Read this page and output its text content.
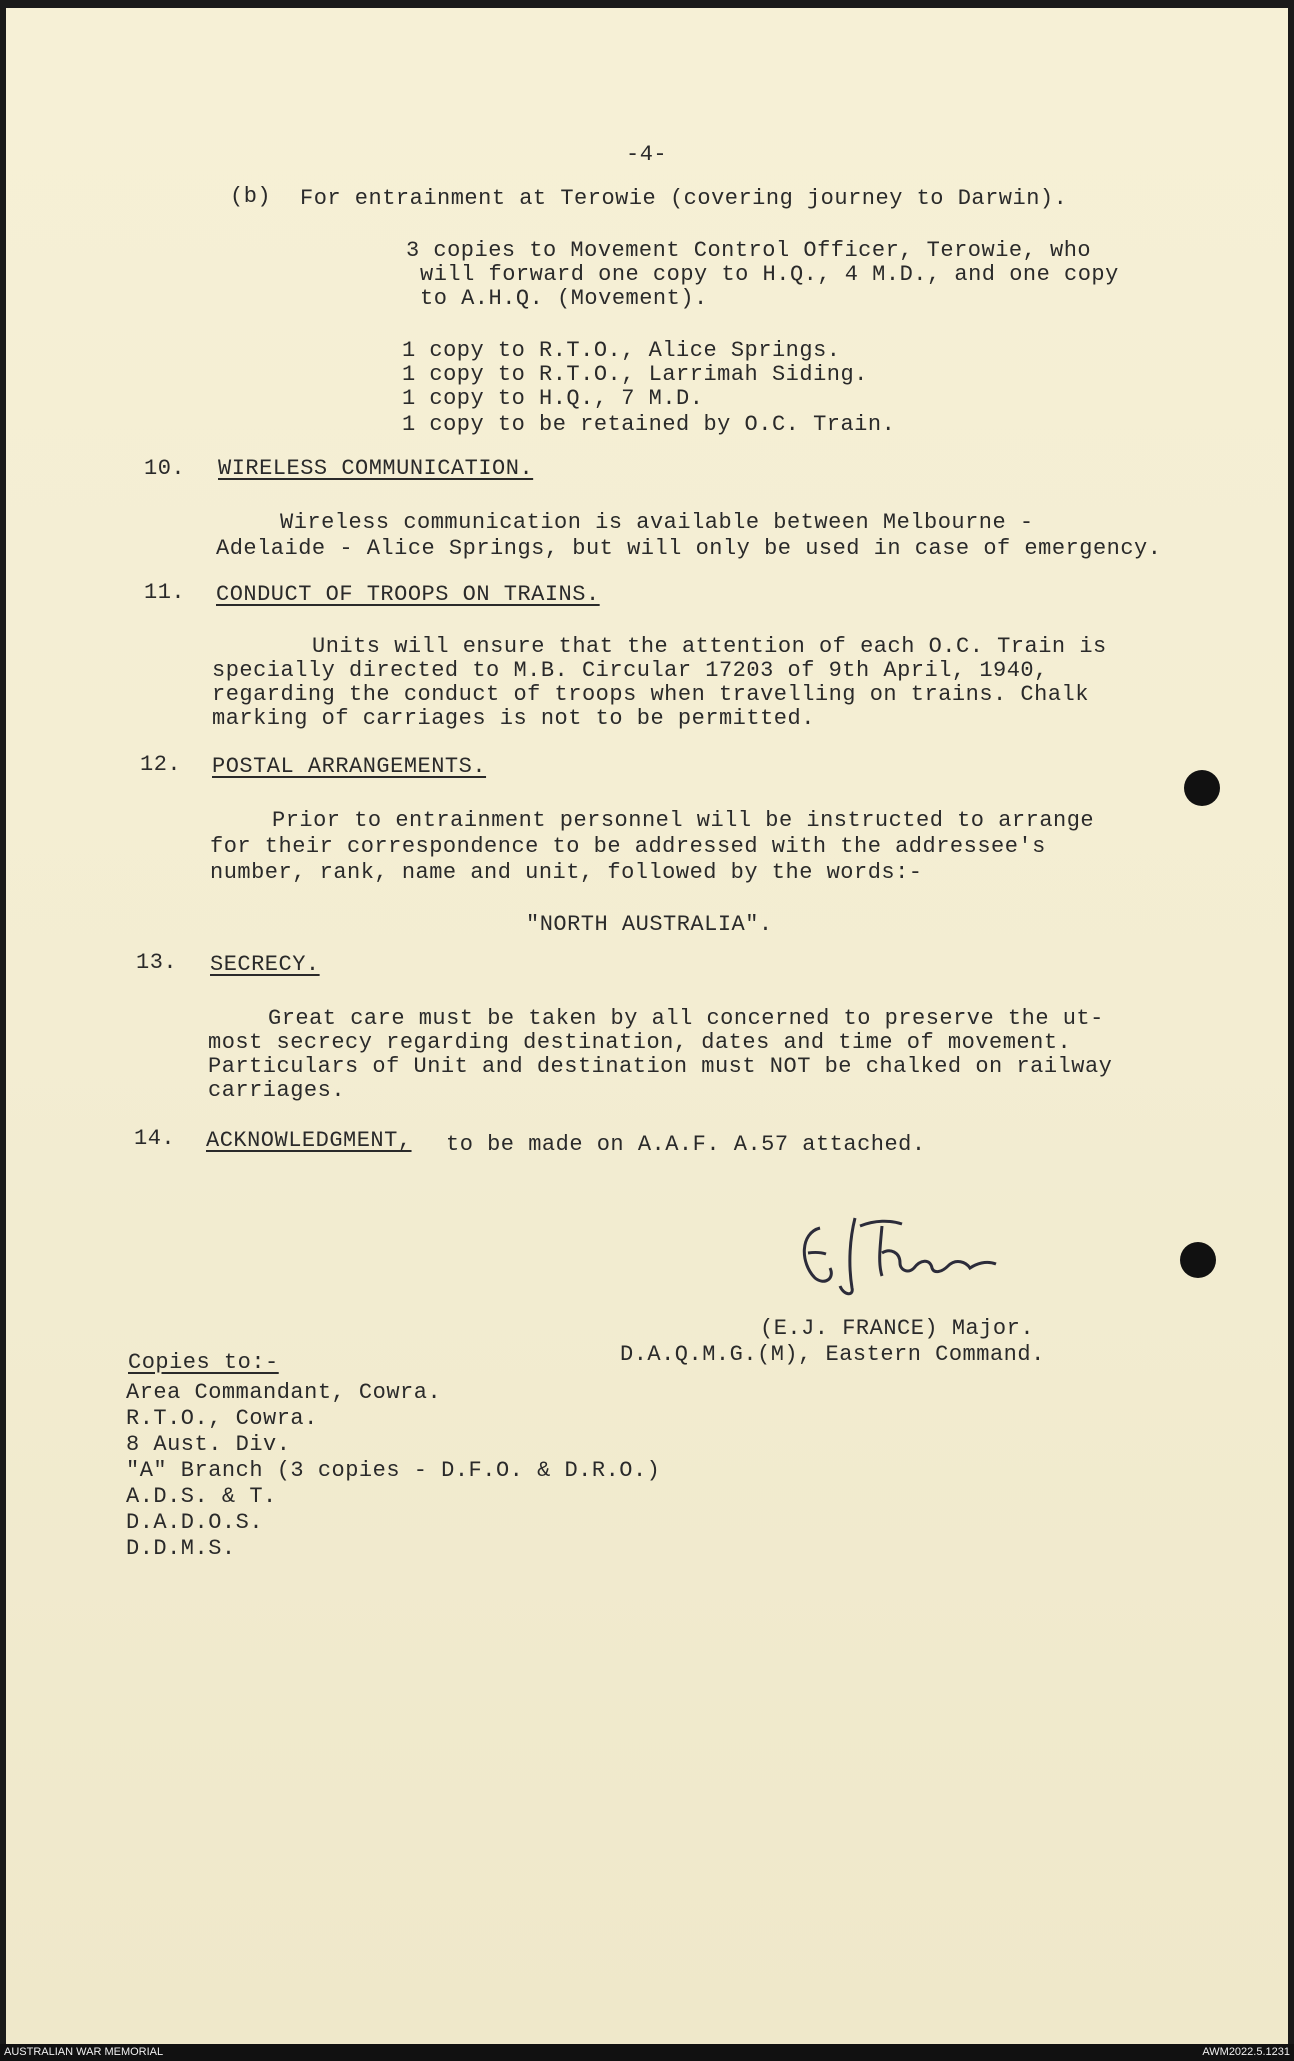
-4-
(b) For entrainment at Terowie (covering journey to Darwin).
3 copies to Movement Control Officer, Terowie, who
will forward one copy to H.Q., 4 M.D., and one copy
to A.H.Q. (Movement).
1 copy to R.T.O., Alice Springs.
1 copy to R.T.O., Larrimah Siding.
1 copy to H.Q., 7 M.D.
1 copy to be retained by O.C. Train.
10. WIRELESS COMMUNICATION.
Wireless communication is available between Melbourne -
Adelaide - Alice Springs, but will only be used in case of emergency.
11. CONDUCT OF TROOPS ON TRAINS.
Units will ensure that the attention of each O.C. Train is
specially directed to M.B. Circular 17203 of 9th April, 1940,
regarding the conduct of troops when travelling on trains. Chalk
marking of carriages is not to be permitted.
12. POSTAL ARRANGEMENTS.
Prior to entrainment personnel will be instructed to arrange
for their correspondence to be addressed with the addressee's
number, rank, name and unit, followed by the words:-
"NORTH AUSTRALIA".
13. SECRECY.
Great care must be taken by all concerned to preserve the ut-
most secrecy regarding destination, dates and time of movement.
Particulars of Unit and destination must NOT be chalked on railway
carriages.
14. ACKNOWLEDGMENT, to be made on A.A.F. A.57 attached.
(E.J. FRANCE) Major.
D.A.Q.M.G.(M), Eastern Command.
Copies to:-
Area Commandant, Cowra.
R.T.O., Cowra.
8 Aust. Div.
"A" Branch (3 copies - D.F.O. & D.R.O.)
A.D.S. & T.
D.A.D.O.S.
D.D.M.S.
AUSTRALIAN WAR MEMORIAL	AWM2022.5.1231
